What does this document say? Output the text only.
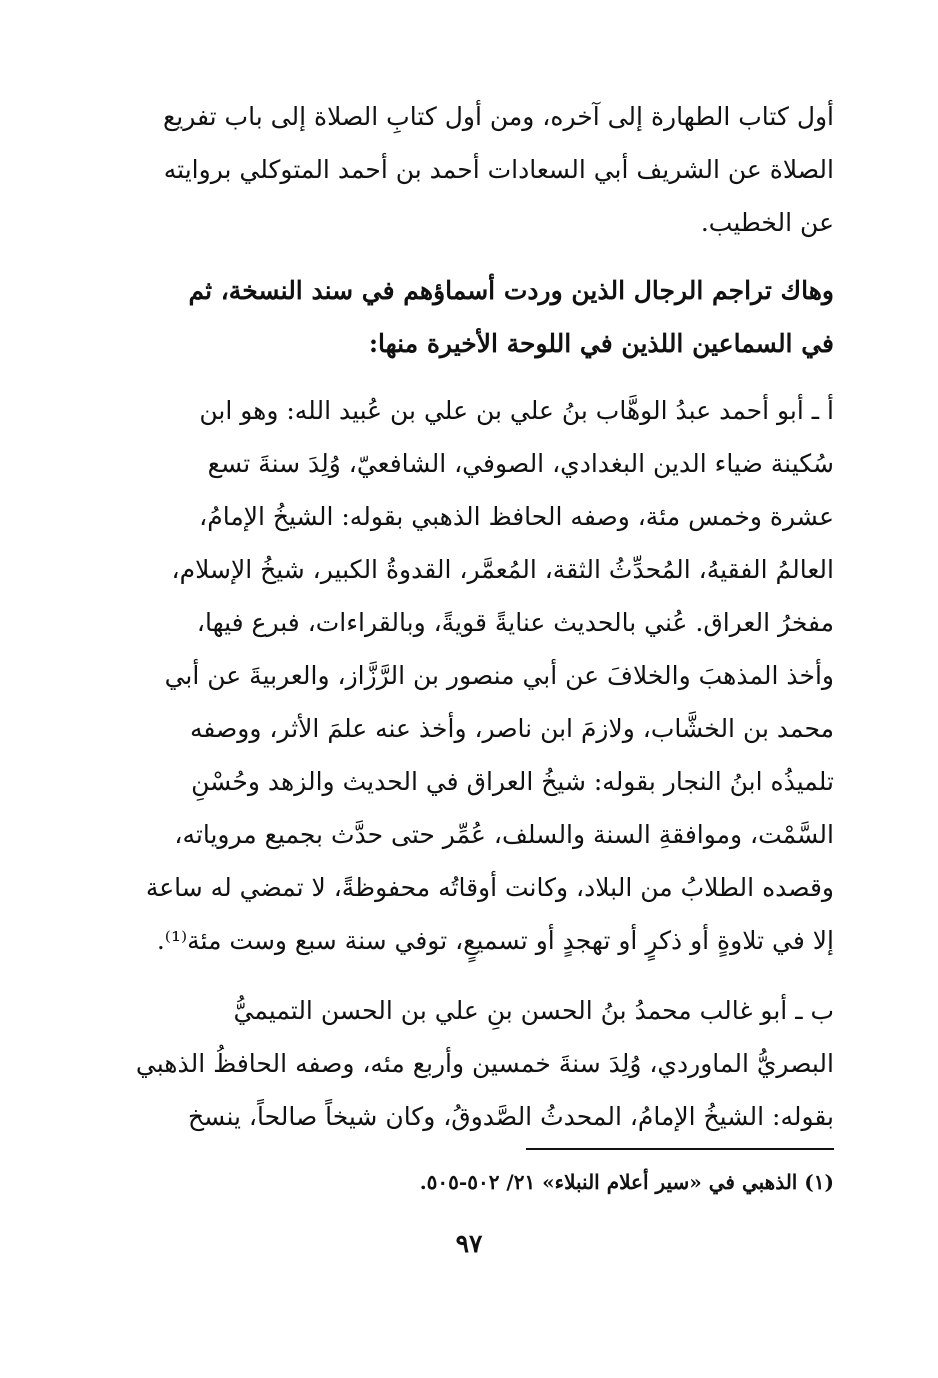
أول كتاب الطهارة إلى آخره، ومن أول كتابِ الصلاة إلى باب تفريع
الصلاة عن الشريف أبي السعادات أحمد بن أحمد المتوكلي بروايته
عن الخطيب.
وهاك تراجم الرجال الذين وردت أسماؤهم في سند النسخة، ثم
في السماعين اللذين في اللوحة الأخيرة منها:
أ ـ أبو أحمد عبدُ الوهَّاب بنُ علي بن علي بن عُبيد الله: وهو ابن
سُكينة ضياء الدين البغدادي، الصوفي، الشافعيّ، وُلِدَ سنةَ تسع
عشرة وخمس مئة، وصفه الحافظ الذهبي بقوله: الشيخُ الإمامُ،
العالمُ الفقيهُ، المُحدِّثُ الثقة، المُعمَّر، القدوةُ الكبير، شيخُ الإسلام،
مفخرُ العراق. عُني بالحديث عنايةً قويةً، وبالقراءات، فبرع فيها،
وأخذ المذهبَ والخلافَ عن أبي منصور بن الرَّزَّاز، والعربيةَ عن أبي
محمد بن الخشَّاب، ولازمَ ابن ناصر، وأخذ عنه علمَ الأثر، ووصفه
تلميذُه ابنُ النجار بقوله: شيخُ العراق في الحديث والزهد وحُسْنِ
السَّمْت، وموافقةِ السنة والسلف، عُمِّر حتى حدَّث بجميع مروياته،
وقصده الطلابُ من البلاد، وكانت أوقاتُه محفوظةً، لا تمضي له ساعة
إلا في تلاوةٍ أو ذكرٍ أو تهجدٍ أو تسميعٍ، توفي سنة سبع وست مئة⁽¹⁾.
ب ـ أبو غالب محمدُ بنُ الحسن بنِ علي بن الحسن التميميُّ
البصريُّ الماوردي، وُلِدَ سنةَ خمسين وأربع مئه، وصفه الحافظُ الذهبي
بقوله: الشيخُ الإمامُ، المحدثُ الصَّدوقُ، وكان شيخاً صالحاً، ينسخ
(١) الذهبي في «سير أعلام النبلاء» ٢١/ ٥٠٢-٥٠٥.
٩٧
